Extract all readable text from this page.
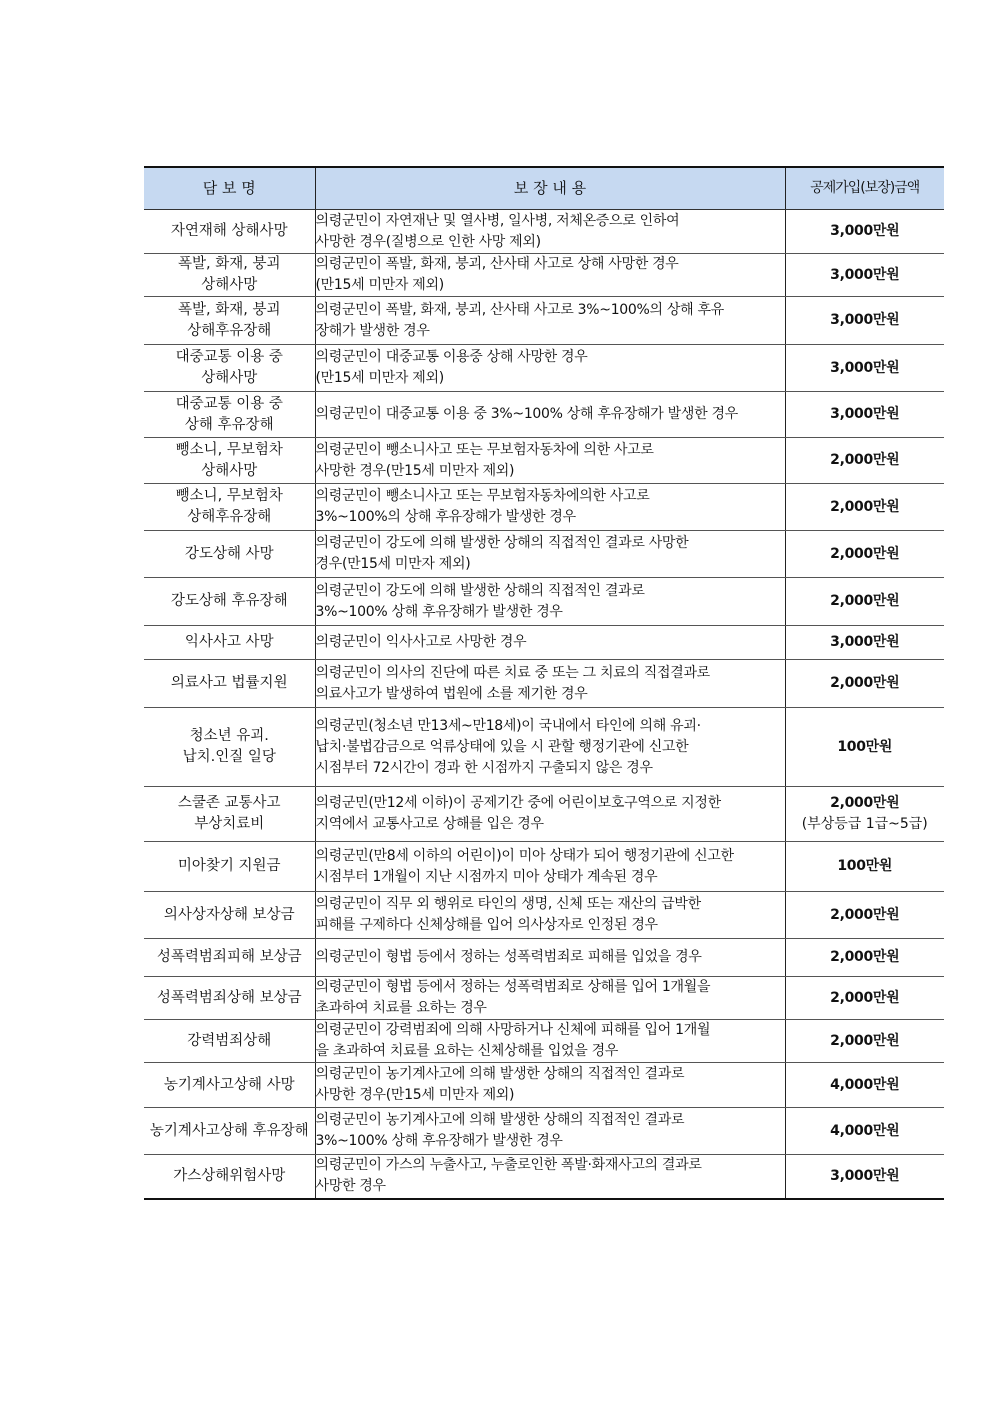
담 보 명	보 장 내 용	공제가입(보장)금액

자연재해 상해사망	의령군민이 자연재난 및 열사병, 일사병, 저체온증으로 인하여
사망한 경우(질병으로 인한 사망 제외)	3,000만원

폭발, 화재, 붕괴
상해사망	의령군민이 폭발, 화재, 붕괴, 산사태 사고로 상해 사망한 경우
(만15세 미만자 제외)	3,000만원

폭발, 화재, 붕괴
상해후유장해	의령군민이 폭발, 화재, 붕괴, 산사태 사고로 3%~100%의 상해 후유
장해가 발생한 경우	3,000만원

대중교통 이용 중
상해사망	의령군민이 대중교통 이용중 상해 사망한 경우
(만15세 미만자 제외)	3,000만원

대중교통 이용 중
상해 후유장해	의령군민이 대중교통 이용 중 3%~100% 상해 후유장해가 발생한 경우	3,000만원

뺑소니, 무보험차
상해사망	의령군민이 뺑소니사고 또는 무보험자동차에 의한 사고로
사망한 경우(만15세 미만자 제외)	2,000만원

뺑소니, 무보험차
상해후유장해	의령군민이 뺑소니사고 또는 무보험자동차에의한 사고로
3%~100%의 상해 후유장해가 발생한 경우	2,000만원

강도상해 사망	의령군민이 강도에 의해 발생한 상해의 직접적인 결과로 사망한
경우(만15세 미만자 제외)	2,000만원

강도상해 후유장해	의령군민이 강도에 의해 발생한 상해의 직접적인 결과로
3%~100% 상해 후유장해가 발생한 경우	2,000만원

익사사고 사망	의령군민이 익사사고로 사망한 경우	3,000만원

의료사고 법률지원	의령군민이 의사의 진단에 따른 치료 중 또는 그 치료의 직접결과로
의료사고가 발생하여 법원에 소를 제기한 경우	2,000만원

청소년 유괴.
납치.인질 일당	의령군민(청소년 만13세~만18세)이 국내에서 타인에 의해 유괴·
납치·불법감금으로 억류상태에 있을 시 관할 행정기관에 신고한
시점부터 72시간이 경과 한 시점까지 구출되지 않은 경우	100만원

스쿨존 교통사고
부상치료비	의령군민(만12세 이하)이 공제기간 중에 어린이보호구역으로 지정한
지역에서 교통사고로 상해를 입은 경우	2,000만원
(부상등급 1급~5급)

미아찾기 지원금	의령군민(만8세 이하의 어린이)이 미아 상태가 되어 행정기관에 신고한
시점부터 1개월이 지난 시점까지 미아 상태가 계속된 경우	100만원

의사상자상해 보상금	의령군민이 직무 외 행위로 타인의 생명, 신체 또는 재산의 급박한
피해를 구제하다 신체상해를 입어 의사상자로 인정된 경우	2,000만원

성폭력범죄피해 보상금	의령군민이 형법 등에서 정하는 성폭력범죄로 피해를 입었을 경우	2,000만원

성폭력범죄상해 보상금	의령군민이 형법 등에서 정하는 성폭력범죄로 상해를 입어 1개월을
초과하여 치료를 요하는 경우	2,000만원

강력범죄상해	의령군민이 강력범죄에 의해 사망하거나 신체에 피해를 입어 1개월
을 초과하여 치료를 요하는 신체상해를 입었을 경우	2,000만원

농기계사고상해 사망	의령군민이 농기계사고에 의해 발생한 상해의 직접적인 결과로
사망한 경우(만15세 미만자 제외)	4,000만원

농기계사고상해 후유장해	의령군민이 농기계사고에 의해 발생한 상해의 직접적인 결과로
3%~100% 상해 후유장해가 발생한 경우	4,000만원

가스상해위험사망	의령군민이 가스의 누출사고, 누출로인한 폭발·화재사고의 결과로
사망한 경우	3,000만원
